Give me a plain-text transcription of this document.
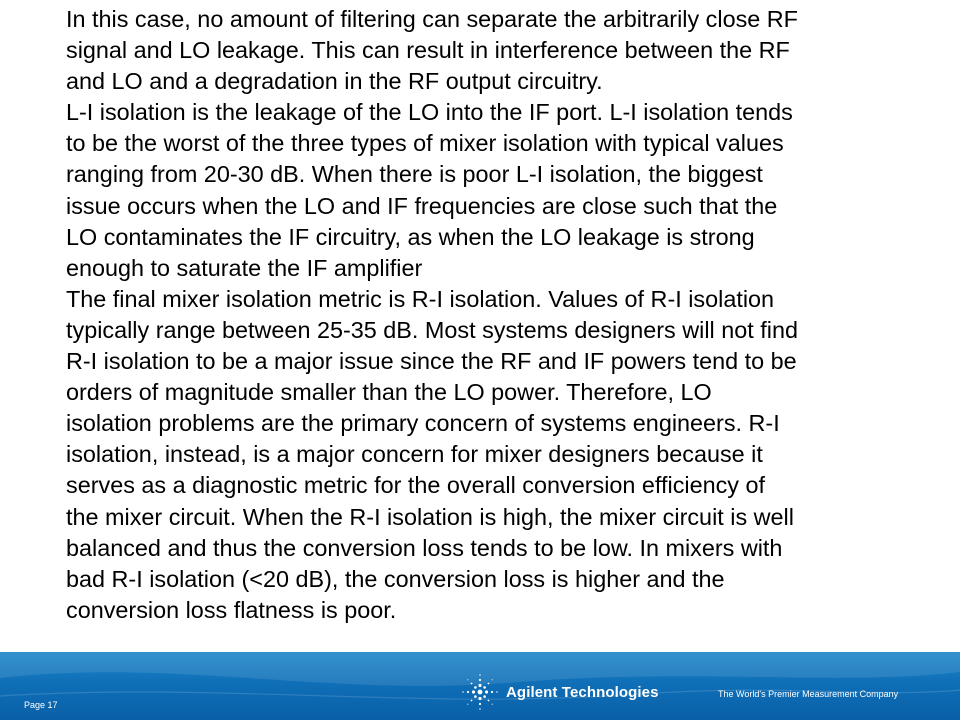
In this case, no amount of filtering can separate the arbitrarily close RF
signal and LO leakage. This can result in interference between the RF
and LO and a degradation in the RF output circuitry.

L-I isolation is the leakage of the LO into the IF port. L-I isolation tends
to be the worst of the three types of mixer isolation with typical values
ranging from 20-30 dB. When there is poor L-I isolation, the biggest
issue occurs when the LO and IF frequencies are close such that the
LO contaminates the IF circuitry, as when the LO leakage is strong
enough to saturate the IF amplifier

The final mixer isolation metric is R-I isolation. Values of R-I isolation
typically range between 25-35 dB. Most systems designers will not find
R-I isolation to be a major issue since the RF and IF powers tend to be
orders of magnitude smaller than the LO power. Therefore, LO
isolation problems are the primary concern of systems engineers. R-I
isolation, instead, is a major concern for mixer designers because it
serves as a diagnostic metric for the overall conversion efficiency of
the mixer circuit. When the R-I isolation is high, the mixer circuit is well
balanced and thus the conversion loss tends to be low. In mixers with
bad R-I isolation (<20 dB), the conversion loss is higher and the
conversion loss flatness is poor.

Page 17
Agilent Technologies	The World's Premier Measurement Company
